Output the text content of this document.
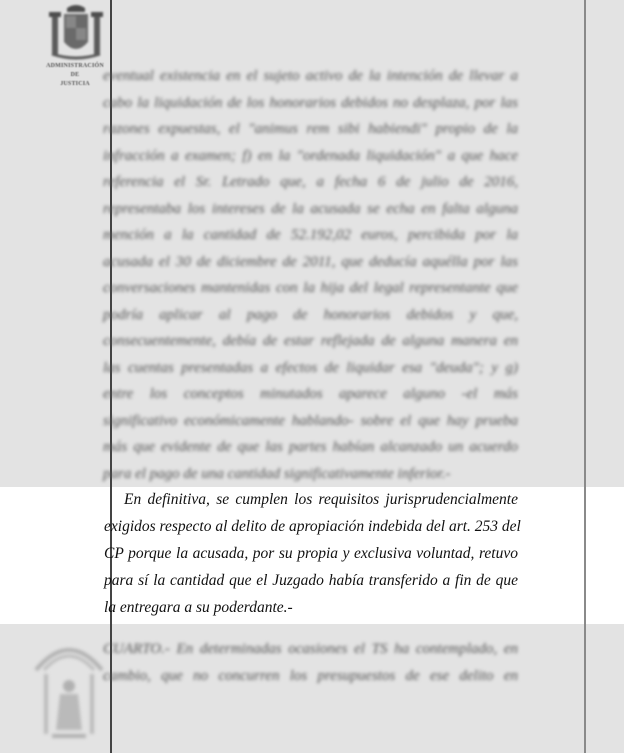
ADMINISTRACIÓN
DE
JUSTICIA eventual existencia en el sujeto activo de la intención de llevar a
cabo la liquidación de los honorarios debidos no desplaza, por las
razones expuestas, el "animus rem sibi habiendi" propio de la
infracción a examen; f) en la "ordenada liquidación" a que hace
referencia el Sr. Letrado que, a fecha 6 de julio de 2016,
representaba los intereses de la acusada se echa en falta alguna
mención a la cantidad de 52.192,02 euros, percibida por la
acusada el 30 de diciembre de 2011, que deducía aquélla por las
conversaciones mantenidas con la hija del legal representante que
podría aplicar al pago de honorarios debidos y que,
consecuentemente, debía de estar reflejada de alguna manera en
las cuentas presentadas a efectos de liquidar esa "deuda"; y g)
entre los conceptos minutados aparece alguno -el más
significativo económicamente hablando- sobre el que hay prueba
más que evidente de que las partes habían alcanzado un acuerdo
para el pago de una cantidad significativamente inferior.-
En definitiva, se cumplen los requisitos jurisprudencialmente
exigidos respecto al delito de apropiación indebida del art. 253 del
CP porque la acusada, por su propia y exclusiva voluntad, retuvo
para sí la cantidad que el Juzgado había transferido a fin de que
la entregara a su poderdante.-
CUARTO.- En determinadas ocasiones el TS ha contemplado, en
cambio, que no concurren los presupuestos de ese delito en
